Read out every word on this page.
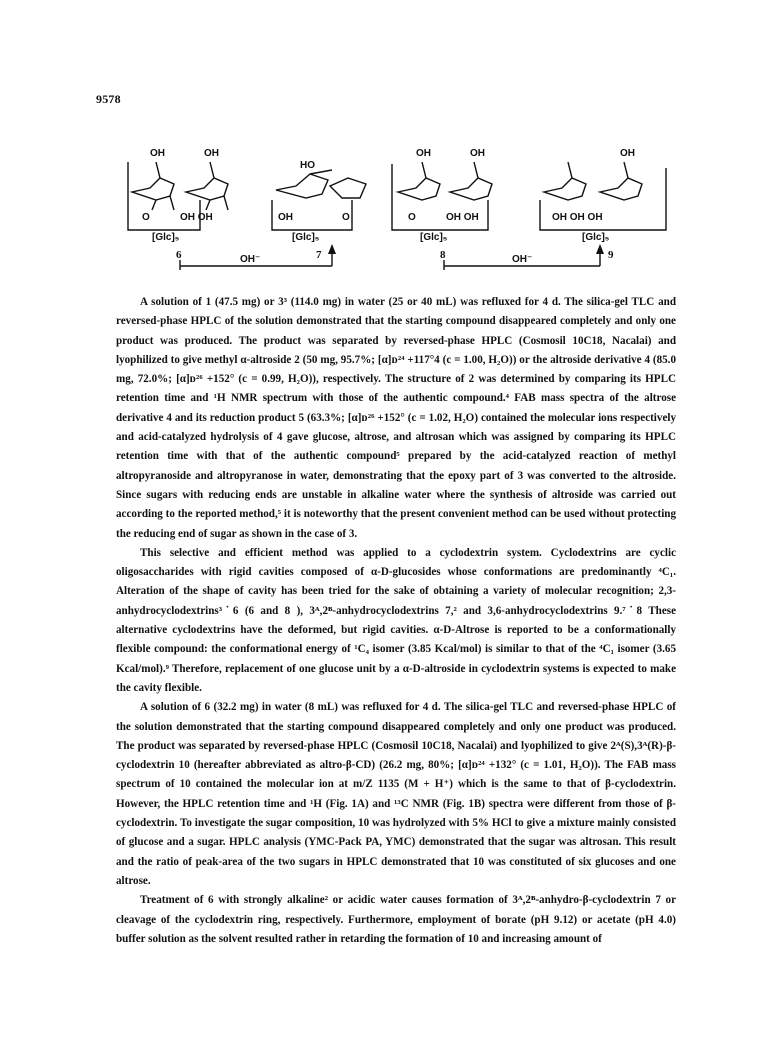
9578
OH	OH
HO
OH	OH	OH
O	OH OH	OH	O	O	OH OH	OH OH OH
[Glc]₅	[Glc]₅	[Glc]₅	[Glc]₅
6	7	8	9
OH⁻	OH⁻

A solution of 1 (47.5 mg) or 3³ (114.0 mg) in water (25 or 40 mL) was refluxed for 4 d. The silica-gel TLC and reversed-phase HPLC of the solution demonstrated that the starting compound disappeared completely and only one product was produced. The product was separated by reversed-phase HPLC (Cosmosil 10C18, Nacalai) and lyophilized to give methyl α-altroside 2 (50 mg, 95.7%; [α]ᴅ²⁴ +117°4 (c = 1.00, H₂O)) or the altroside derivative 4 (85.0 mg, 72.0%; [α]ᴅ²⁶ +152° (c = 0.99, H₂O)), respectively. The structure of 2 was determined by comparing its HPLC retention time and ¹H NMR spectrum with those of the authentic compound.⁴ FAB mass spectra of the altrose derivative 4 and its reduction product 5 (63.3%; [α]ᴅ²⁶ +152° (c = 1.02, H₂O) contained the molecular ions respectively and acid-catalyzed hydrolysis of 4 gave glucose, altrose, and altrosan which was assigned by comparing its HPLC retention time with that of the authentic compound⁵ prepared by the acid-catalyzed reaction of methyl altropyranoside and altropyranose in water, demonstrating that the epoxy part of 3 was converted to the altroside. Since sugars with reducing ends are unstable in alkaline water where the synthesis of altroside was carried out according to the reported method,⁵ it is noteworthy that the present convenient method can be used without protecting the reducing end of sugar as shown in the case of 3.

This selective and efficient method was applied to a cyclodextrin system. Cyclodextrins are cyclic oligosaccharides with rigid cavities composed of α-D-glucosides whose conformations are predominantly ⁴C₁. Alteration of the shape of cavity has been tried for the sake of obtaining a variety of molecular recognition; 2,3-anhydrocyclodextrins³˙6 (6 and 8 ), 3ᴬ,2ᴮ-anhydrocyclodextrins 7,² and 3,6-anhydrocyclodextrins 9.⁷˙8 These alternative cyclodextrins have the deformed, but rigid cavities. α-D-Altrose is reported to be a conformationally flexible compound: the conformational energy of ¹C₄ isomer (3.85 Kcal/mol) is similar to that of the ⁴C₁ isomer (3.65 Kcal/mol).⁹ Therefore, replacement of one glucose unit by a α-D-altroside in cyclodextrin systems is expected to make the cavity flexible.

A solution of 6 (32.2 mg) in water (8 mL) was refluxed for 4 d. The silica-gel TLC and reversed-phase HPLC of the solution demonstrated that the starting compound disappeared completely and only one product was produced. The product was separated by reversed-phase HPLC (Cosmosil 10C18, Nacalai) and lyophilized to give 2ᴬ(S),3ᴬ(R)-β-cyclodextrin 10 (hereafter abbreviated as altro-β-CD) (26.2 mg, 80%; [α]ᴅ²⁴ +132° (c = 1.01, H₂O)). The FAB mass spectrum of 10 contained the molecular ion at m/Z 1135 (M + H⁺) which is the same to that of β-cyclodextrin. However, the HPLC retention time and ¹H (Fig. 1A) and ¹³C NMR (Fig. 1B) spectra were different from those of β-cyclodextrin. To investigate the sugar composition, 10 was hydrolyzed with 5% HCl to give a mixture mainly consisted of glucose and a sugar. HPLC analysis (YMC-Pack PA, YMC) demonstrated that the sugar was altrosan. This result and the ratio of peak-area of the two sugars in HPLC demonstrated that 10 was constituted of six glucoses and one altrose.

Treatment of 6 with strongly alkaline² or acidic water causes formation of 3ᴬ,2ᴮ-anhydro-β-cyclodextrin 7 or cleavage of the cyclodextrin ring, respectively. Furthermore, employment of borate (pH 9.12) or acetate (pH 4.0) buffer solution as the solvent resulted rather in retarding the formation of 10 and increasing amount of
